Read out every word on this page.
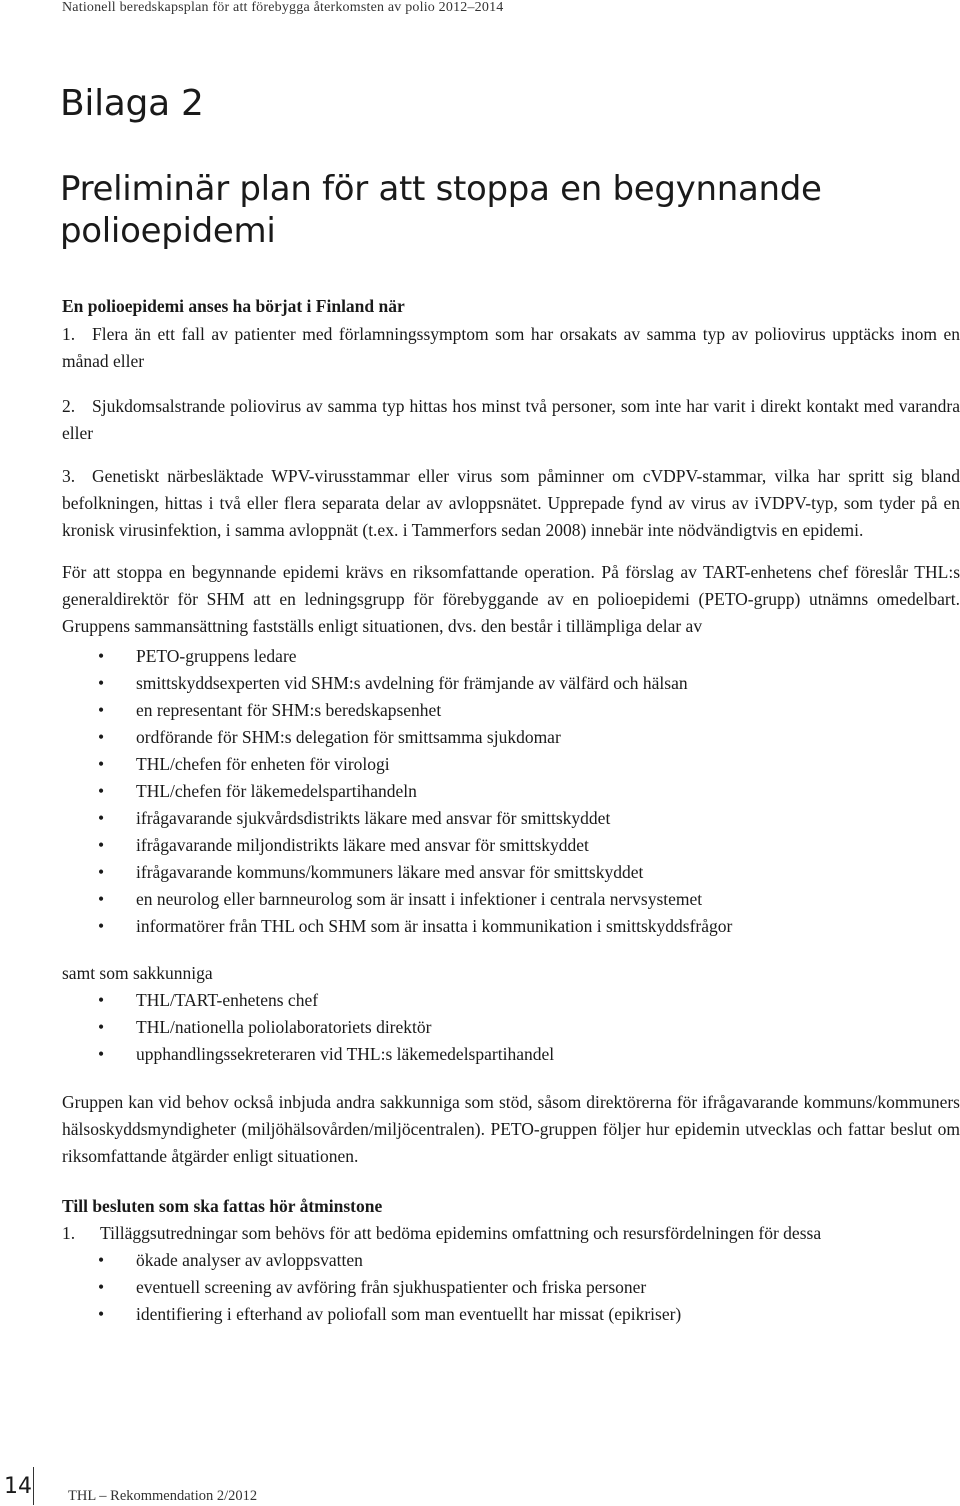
Nationell beredskapsplan för att förebygga återkomsten av polio 2012–2014
Bilaga 2
Preliminär plan för att stoppa en begynnande polioepidemi

En polioepidemi anses ha börjat i Finland när

1. Flera än ett fall av patienter med förlamningssymptom som har orsakats av samma typ av poliovirus upptäcks inom en månad eller

2. Sjukdomsalstrande poliovirus av samma typ hittas hos minst två personer, som inte har varit i direkt kontakt med varandra eller

3. Genetiskt närbesläktade WPV-virusstammar eller virus som påminner om cVDPV-stammar, vilka har spritt sig bland befolkningen, hittas i två eller flera separata delar av avloppsnätet. Upprepade fynd av virus av iVDPV-typ, som tyder på en kronisk virusinfektion, i samma avloppnät (t.ex. i Tammerfors sedan 2008) innebär inte nödvändigtvis en epidemi.

För att stoppa en begynnande epidemi krävs en riksomfattande operation. På förslag av TART-enhetens chef föreslår THL:s generaldirektör för SHM att en ledningsgrupp för förebyggande av en polioepidemi (PETO-grupp) utnämns omedelbart. Gruppens sammansättning fastställs enligt situationen, dvs. den består i tillämpliga delar av

• PETO-gruppens ledare
• smittskyddsexperten vid SHM:s avdelning för främjande av välfärd och hälsan
• en representant för SHM:s beredskapsenhet
• ordförande för SHM:s delegation för smittsamma sjukdomar
• THL/chefen för enheten för virologi
• THL/chefen för läkemedelspartihandeln
• ifrågavarande sjukvårdsdistrikts läkare med ansvar för smittskyddet
• ifrågavarande miljondistrikts läkare med ansvar för smittskyddet
• ifrågavarande kommuns/kommuners läkare med ansvar för smittskyddet
• en neurolog eller barnneurolog som är insatt i infektioner i centrala nervsystemet
• informatörer från THL och SHM som är insatta i kommunikation i smittskyddsfrågor

samt som sakkunniga

• THL/TART-enhetens chef
• THL/nationella poliolaboratoriets direktör
• upphandlingssekreteraren vid THL:s läkemedelspartihandel

Gruppen kan vid behov också inbjuda andra sakkunniga som stöd, såsom direktörerna för ifrågavarande kommuns/kommuners hälsoskyddsmyndigheter (miljöhälsovården/miljöcentralen). PETO-gruppen följer hur epidemin utvecklas och fattar beslut om riksomfattande åtgärder enligt situationen.

Till besluten som ska fattas hör åtminstone

1. Tilläggsutredningar som behövs för att bedöma epidemins omfattning och resursfördelningen för dessa

• ökade analyser av avloppsvatten
• eventuell screening av avföring från sjukhuspatienter och friska personer
• identifiering i efterhand av poliofall som man eventuellt har missat (epikriser)
14 THL – Rekommendation 2/2012
